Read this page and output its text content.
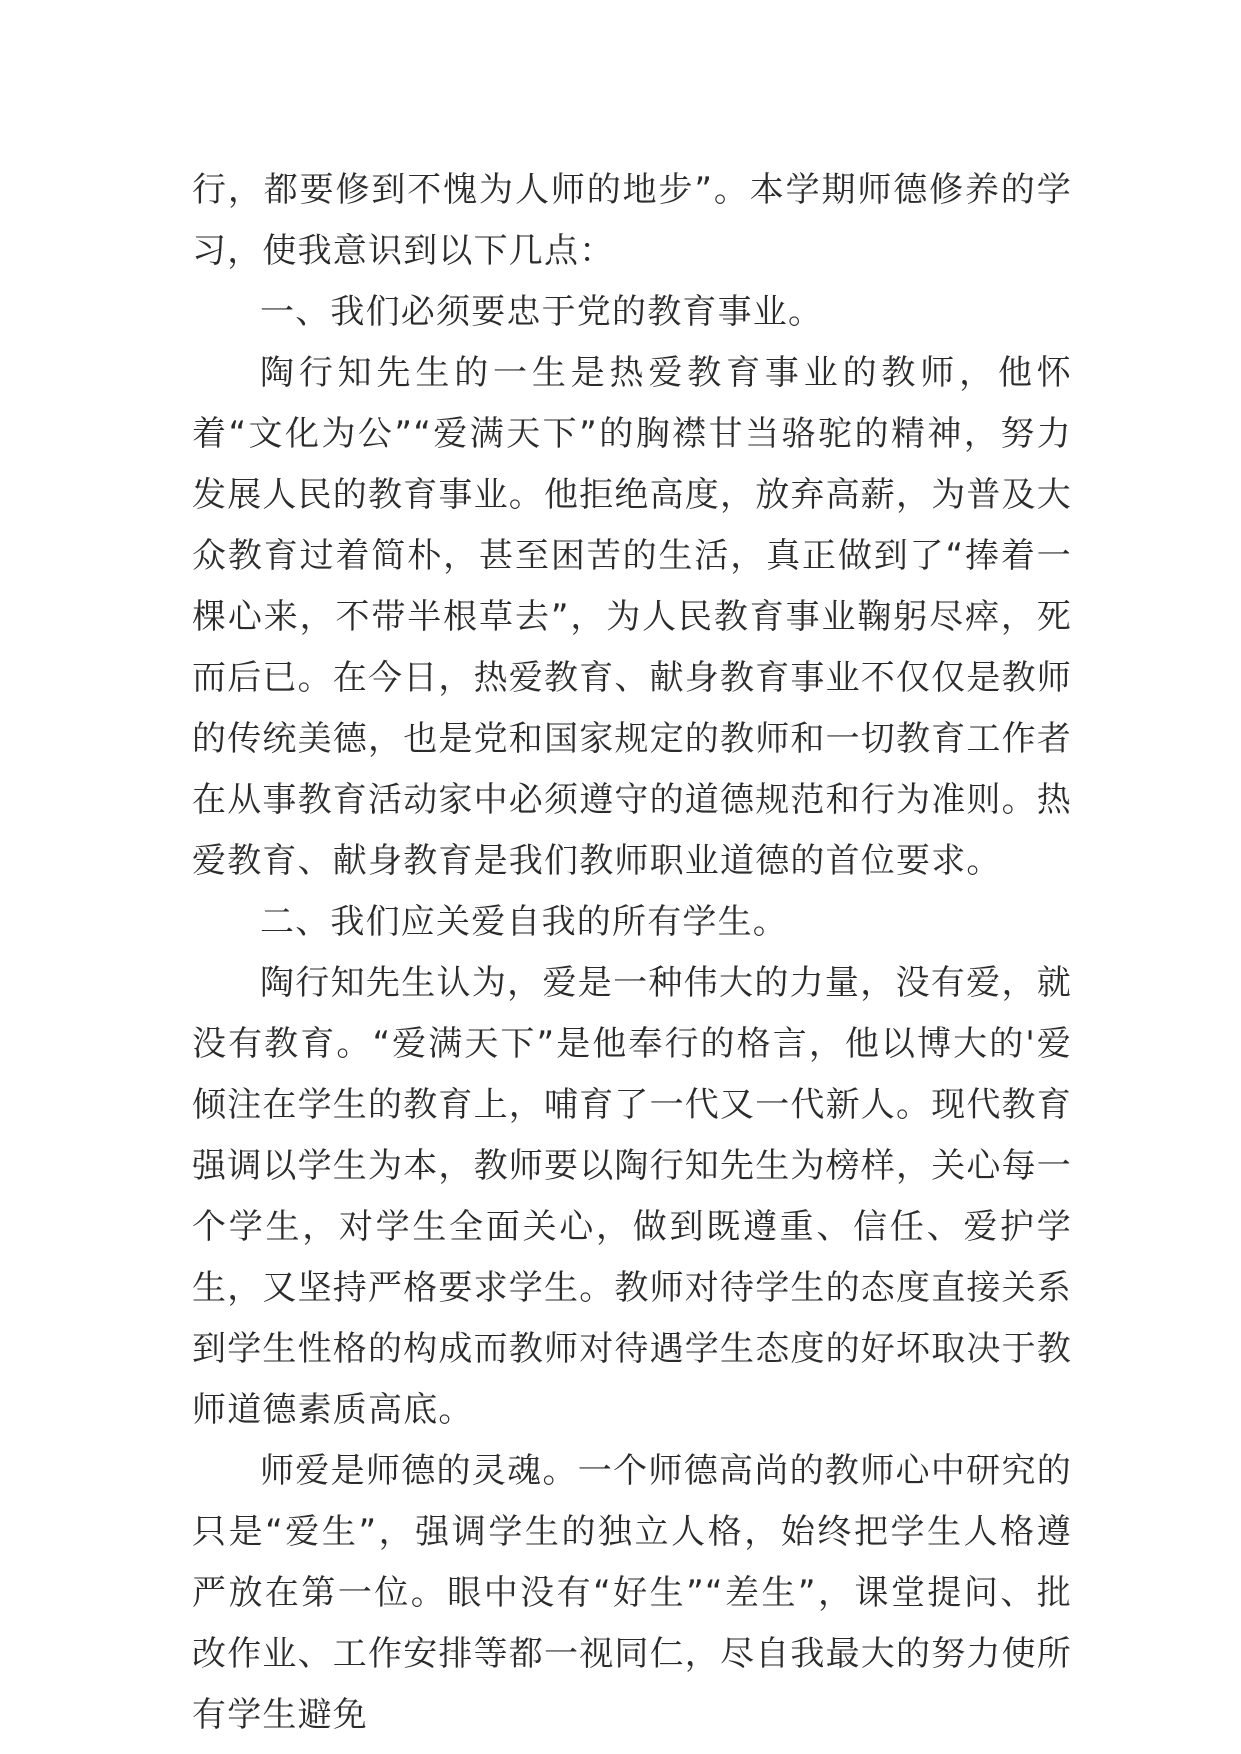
行，都要修到不愧为人师的地步”。本学期师德修养的学习，使我意识到以下几点：

一、我们必须要忠于党的教育事业。

陶行知先生的一生是热爱教育事业的教师，他怀着“文化为公”“爱满天下”的胸襟甘当骆驼的精神，努力发展人民的教育事业。他拒绝高度，放弃高薪，为普及大众教育过着简朴，甚至困苦的生活，真正做到了“捧着一棵心来，不带半根草去”，为人民教育事业鞠躬尽瘁，死而后已。在今日，热爱教育、献身教育事业不仅仅是教师的传统美德，也是党和国家规定的教师和一切教育工作者在从事教育活动家中必须遵守的道德规范和行为准则。热爱教育、献身教育是我们教师职业道德的首位要求。

二、我们应关爱自我的所有学生。

陶行知先生认为，爱是一种伟大的力量，没有爱，就没有教育。“爱满天下”是他奉行的格言，他以博大的'爱倾注在学生的教育上，哺育了一代又一代新人。现代教育强调以学生为本，教师要以陶行知先生为榜样，关心每一个学生，对学生全面关心，做到既遵重、信任、爱护学生，又坚持严格要求学生。教师对待学生的态度直接关系到学生性格的构成而教师对待遇学生态度的好坏取决于教师道德素质高底。

师爱是师德的灵魂。一个师德高尚的教师心中研究的只是“爱生”，强调学生的独立人格，始终把学生人格遵严放在第一位。眼中没有“好生”“差生”，课堂提问、批改作业、工作安排等都一视同仁，尽自我最大的努力使所有学生避免
